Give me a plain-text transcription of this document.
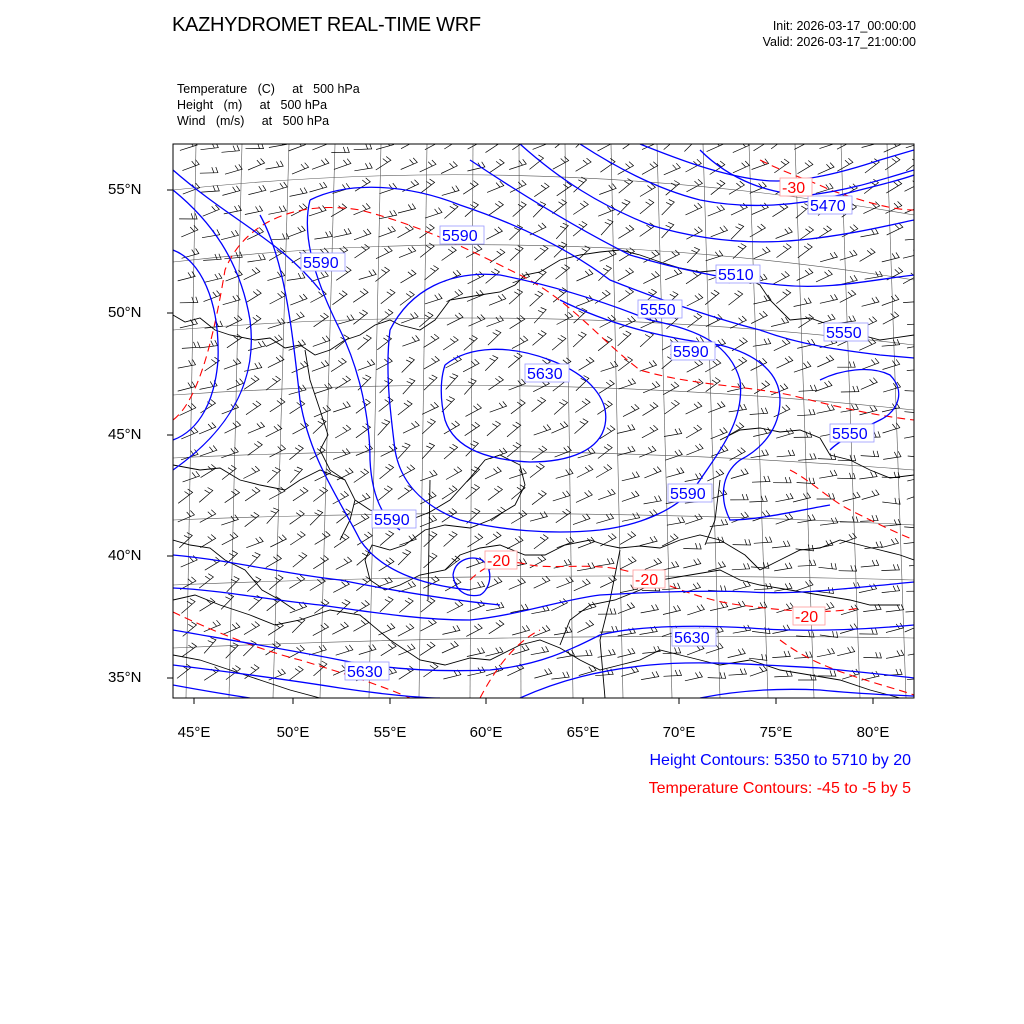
KAZHYDROMET REAL-TIME WRF	Init: 2026-03-17_00:00:00
Valid: 2026-03-17_21:00:00
Temperature   (C)     at   500 hPa
Height   (m)     at   500 hPa
Wind   (m/s)     at   500 hPa
55°N
50°N
45°N
40°N
35°N
45°E	50°E	55°E	60°E	65°E	70°E	75°E	80°E
5470
5510
5550
5550
5550
5590
5590
5590
5590
5590
5630
5630
5630
-30
-20
-20
-20
Height Contours: 5350 to 5710 by 20
Temperature Contours: -45 to -5 by 5
